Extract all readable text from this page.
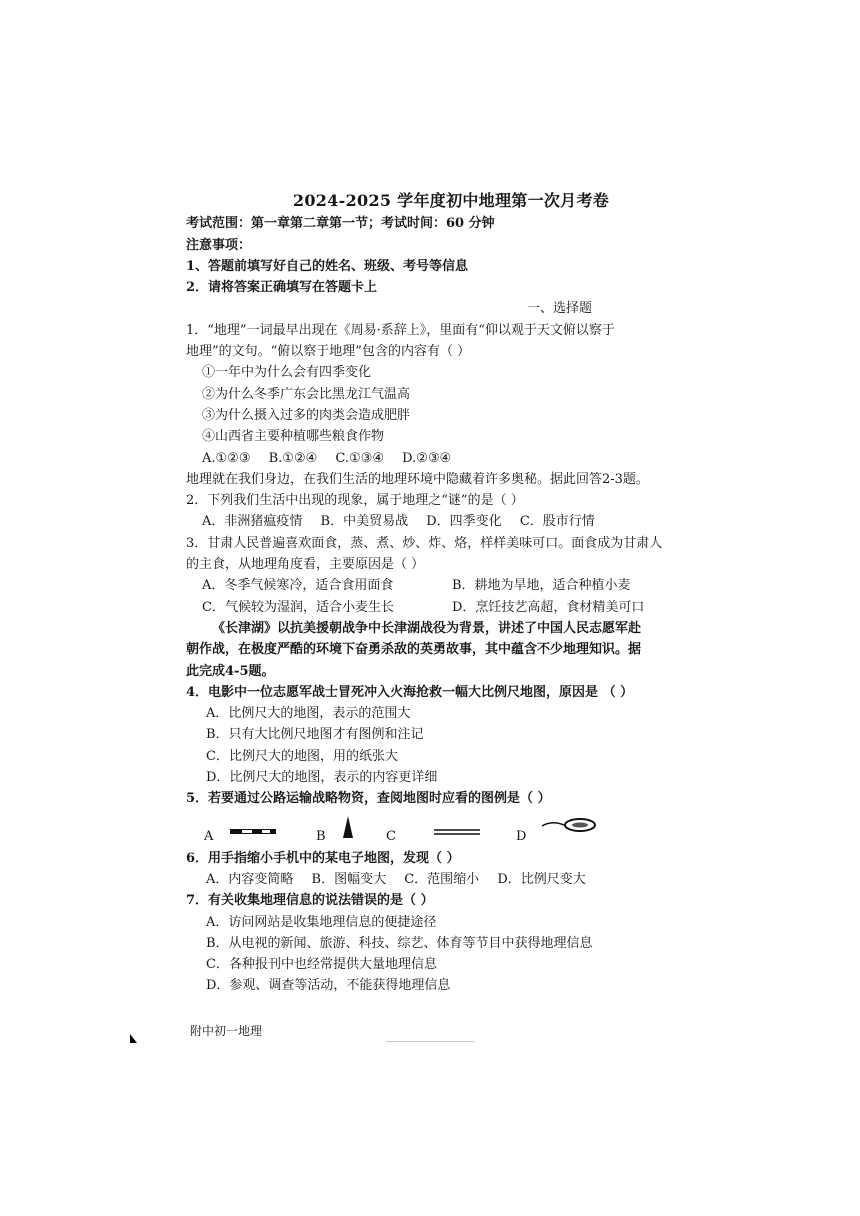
2024-2025 学年度初中地理第一次月考卷
考试范围：第一章第二章第一节；考试时间：60 分钟
注意事项：
1、答题前填写好自己的姓名、班级、考号等信息
2．请将答案正确填写在答题卡上
一、选择题
1．“地理”一词最早出现在《周易·系辞上》，里面有“仰以观于天文俯以察于
地理”的文句。“俯以察于地理”包含的内容有（ ）
①一年中为什么会有四季变化
②为什么冬季广东会比黑龙江气温高
③为什么摄入过多的肉类会造成肥胖
④山西省主要种植哪些粮食作物
A.①②③ B.①②④ C.①③④ D.②③④
地理就在我们身边，在我们生活的地理环境中隐藏着许多奥秘。据此回答2-3题。
2．下列我们生活中出现的现象，属于地理之“谜”的是（ ）
A．非洲猪瘟疫情 B．中美贸易战 D．四季变化 C．股市行情
3．甘肃人民普遍喜欢面食，蒸、煮、炒、炸、烙，样样美味可口。面食成为甘肃人
的主食，从地理角度看，主要原因是（ ）
A．冬季气候寒冷，适合食用面食	B．耕地为旱地，适合种植小麦
C．气候较为湿润，适合小麦生长	D．烹饪技艺高超，食材精美可口
《长津湖》以抗美援朝战争中长津湖战役为背景，讲述了中国人民志愿军赴
朝作战，在极度严酷的环境下奋勇杀敌的英勇故事，其中蕴含不少地理知识。据
此完成4-5题。
4．电影中一位志愿军战士冒死冲入火海抢救一幅大比例尺地图，原因是 （ ）
A．比例尺大的地图，表示的范围大
B．只有大比例尺地图才有图例和注记
C．比例尺大的地图，用的纸张大
D．比例尺大的地图，表示的内容更详细
5．若要通过公路运输战略物资，查阅地图时应看的图例是（ ）
A	B	C	D
6．用手指缩小手机中的某电子地图，发现（ ）
A．内容变简略 B．图幅变大 C．范围缩小 D．比例尺变大
7．有关收集地理信息的说法错误的是（ ）
A．访问网站是收集地理信息的便捷途径
B．从电视的新闻、旅游、科技、综艺、体育等节目中获得地理信息
C．各种报刊中也经常提供大量地理信息
D．参观、调查等活动，不能获得地理信息
附中初一地理
